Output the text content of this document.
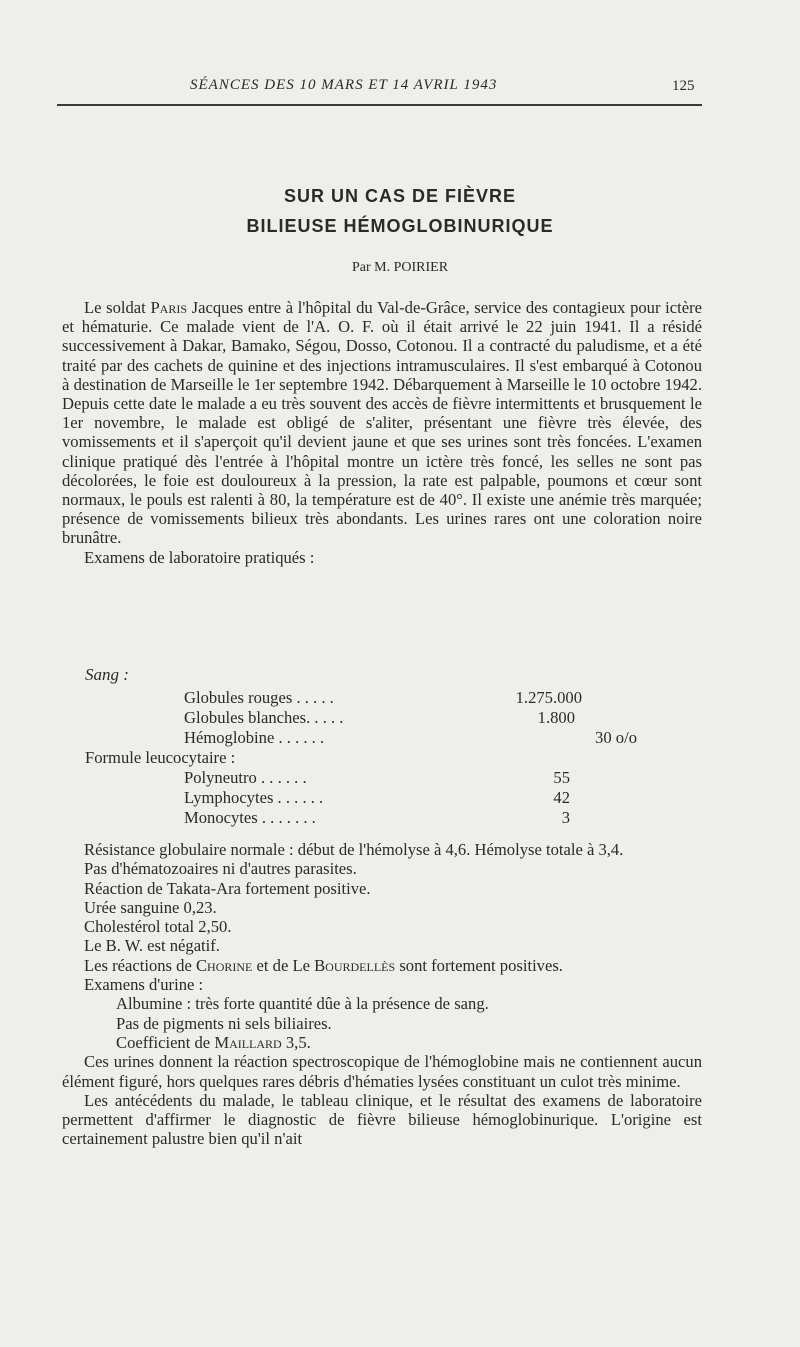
SÉANCES DES 10 MARS ET 14 AVRIL 1943	125
SUR UN CAS DE FIÈVRE
BILIEUSE HÉMOGLOBINURIQUE
Par M. POIRIER

Le soldat Paris Jacques entre à l'hôpital du Val-de-Grâce, service des contagieux pour ictère et hématurie. Ce malade vient de l'A. O. F. où il était arrivé le 22 juin 1941. Il a résidé successivement à Dakar, Bamako, Ségou, Dosso, Cotonou. Il a contracté du paludisme, et a été traité par des cachets de quinine et des injections intramusculaires. Il s'est embarqué à Cotonou à destination de Marseille le 1er septembre 1942. Débarquement à Marseille le 10 octobre 1942. Depuis cette date le malade a eu très souvent des accès de fièvre intermittents et brusquement le 1er novembre, le malade est obligé de s'aliter, présentant une fièvre très élevée, des vomissements et il s'aperçoit qu'il devient jaune et que ses urines sont très foncées. L'examen clinique pratiqué dès l'entrée à l'hôpital montre un ictère très foncé, les selles ne sont pas décolorées, le foie est douloureux à la pression, la rate est palpable, poumons et cœur sont normaux, le pouls est ralenti à 80, la température est de 40°. Il existe une anémie très marquée; présence de vomissements bilieux très abondants. Les urines rares ont une coloration noire brunâtre.

Examens de laboratoire pratiqués :

Sang :
Globules rouges . . . . .	1.275.000
Globules blanches. . . . .	1.800
Hémoglobine . . . . . .	30 o/o
Formule leucocytaire :
Polyneutro . . . . . .	55
Lymphocytes . . . . . .	42
Monocytes . . . . . . .	3

Résistance globulaire normale : début de l'hémolyse à 4,6. Hémolyse totale à 3,4.

Pas d'hématozoaires ni d'autres parasites.
Réaction de Takata-Ara fortement positive.
Urée sanguine 0,23.
Cholestérol total 2,50.
Le B. W. est négatif.
Les réactions de Chorine et de Le Bourdellès sont fortement positives.
Examens d'urine :
Albumine : très forte quantité dûe à la présence de sang.
Pas de pigments ni sels biliaires.
Coefficient de Maillard 3,5.

Ces urines donnent la réaction spectroscopique de l'hémoglobine mais ne contiennent aucun élément figuré, hors quelques rares débris d'hématies lysées constituant un culot très minime.

Les antécédents du malade, le tableau clinique, et le résultat des examens de laboratoire permettent d'affirmer le diagnostic de fièvre bilieuse hémoglobinurique. L'origine est certainement palustre bien qu'il n'ait
